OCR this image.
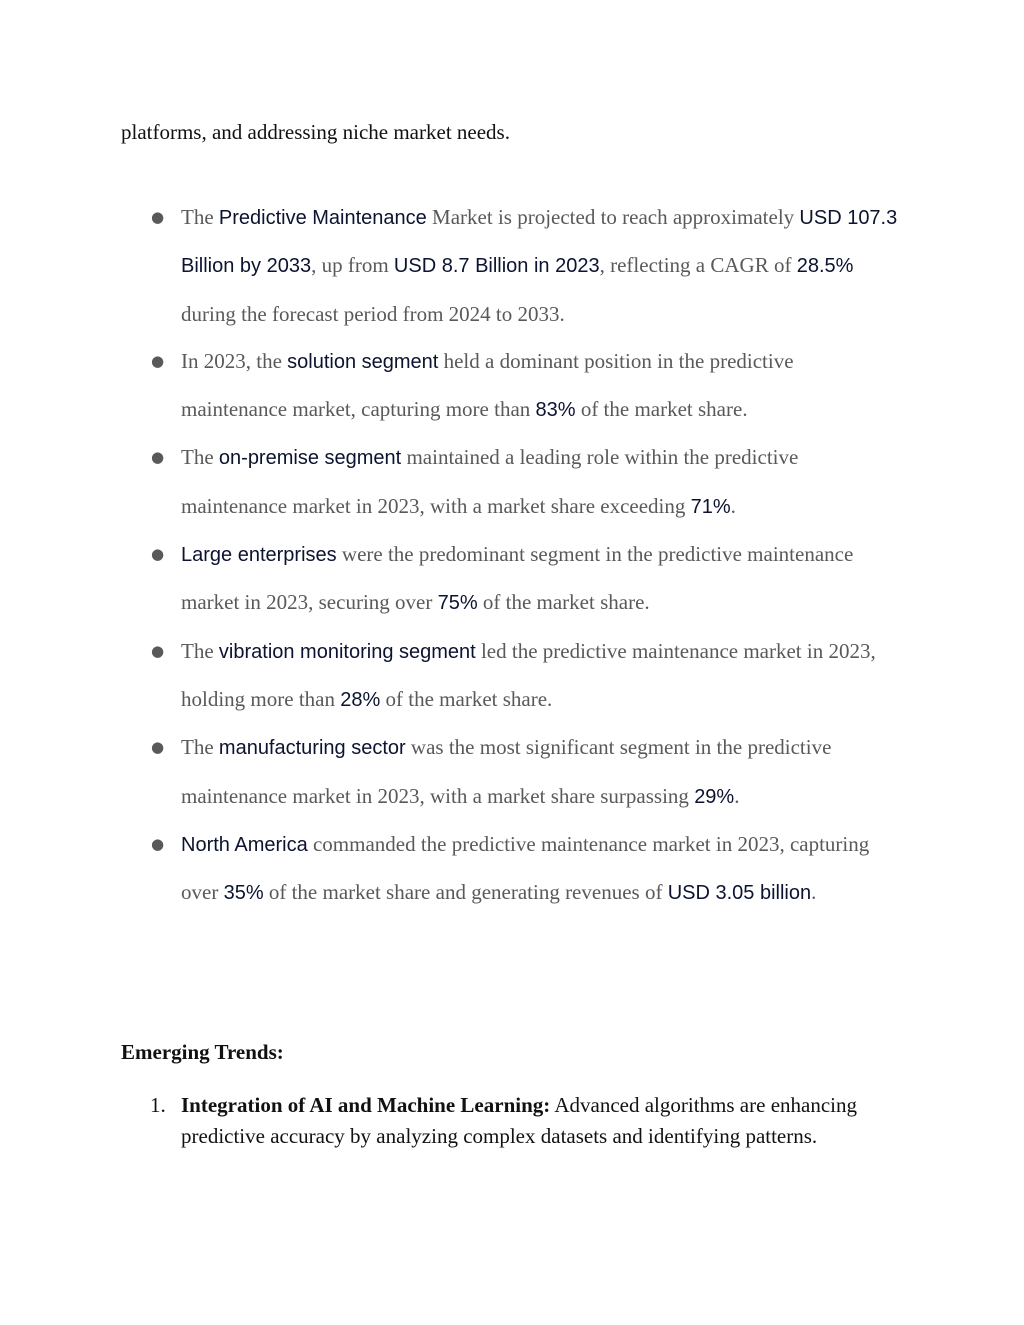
platforms, and addressing niche market needs.

● The Predictive Maintenance Market is projected to reach approximately USD 107.3 Billion by 2033, up from USD 8.7 Billion in 2023, reflecting a CAGR of 28.5% during the forecast period from 2024 to 2033.
● In 2023, the solution segment held a dominant position in the predictive maintenance market, capturing more than 83% of the market share.
● The on-premise segment maintained a leading role within the predictive maintenance market in 2023, with a market share exceeding 71%.
● Large enterprises were the predominant segment in the predictive maintenance market in 2023, securing over 75% of the market share.
● The vibration monitoring segment led the predictive maintenance market in 2023, holding more than 28% of the market share.
● The manufacturing sector was the most significant segment in the predictive maintenance market in 2023, with a market share surpassing 29%.
● North America commanded the predictive maintenance market in 2023, capturing over 35% of the market share and generating revenues of USD 3.05 billion.

Emerging Trends:

1. Integration of AI and Machine Learning: Advanced algorithms are enhancing predictive accuracy by analyzing complex datasets and identifying patterns.
